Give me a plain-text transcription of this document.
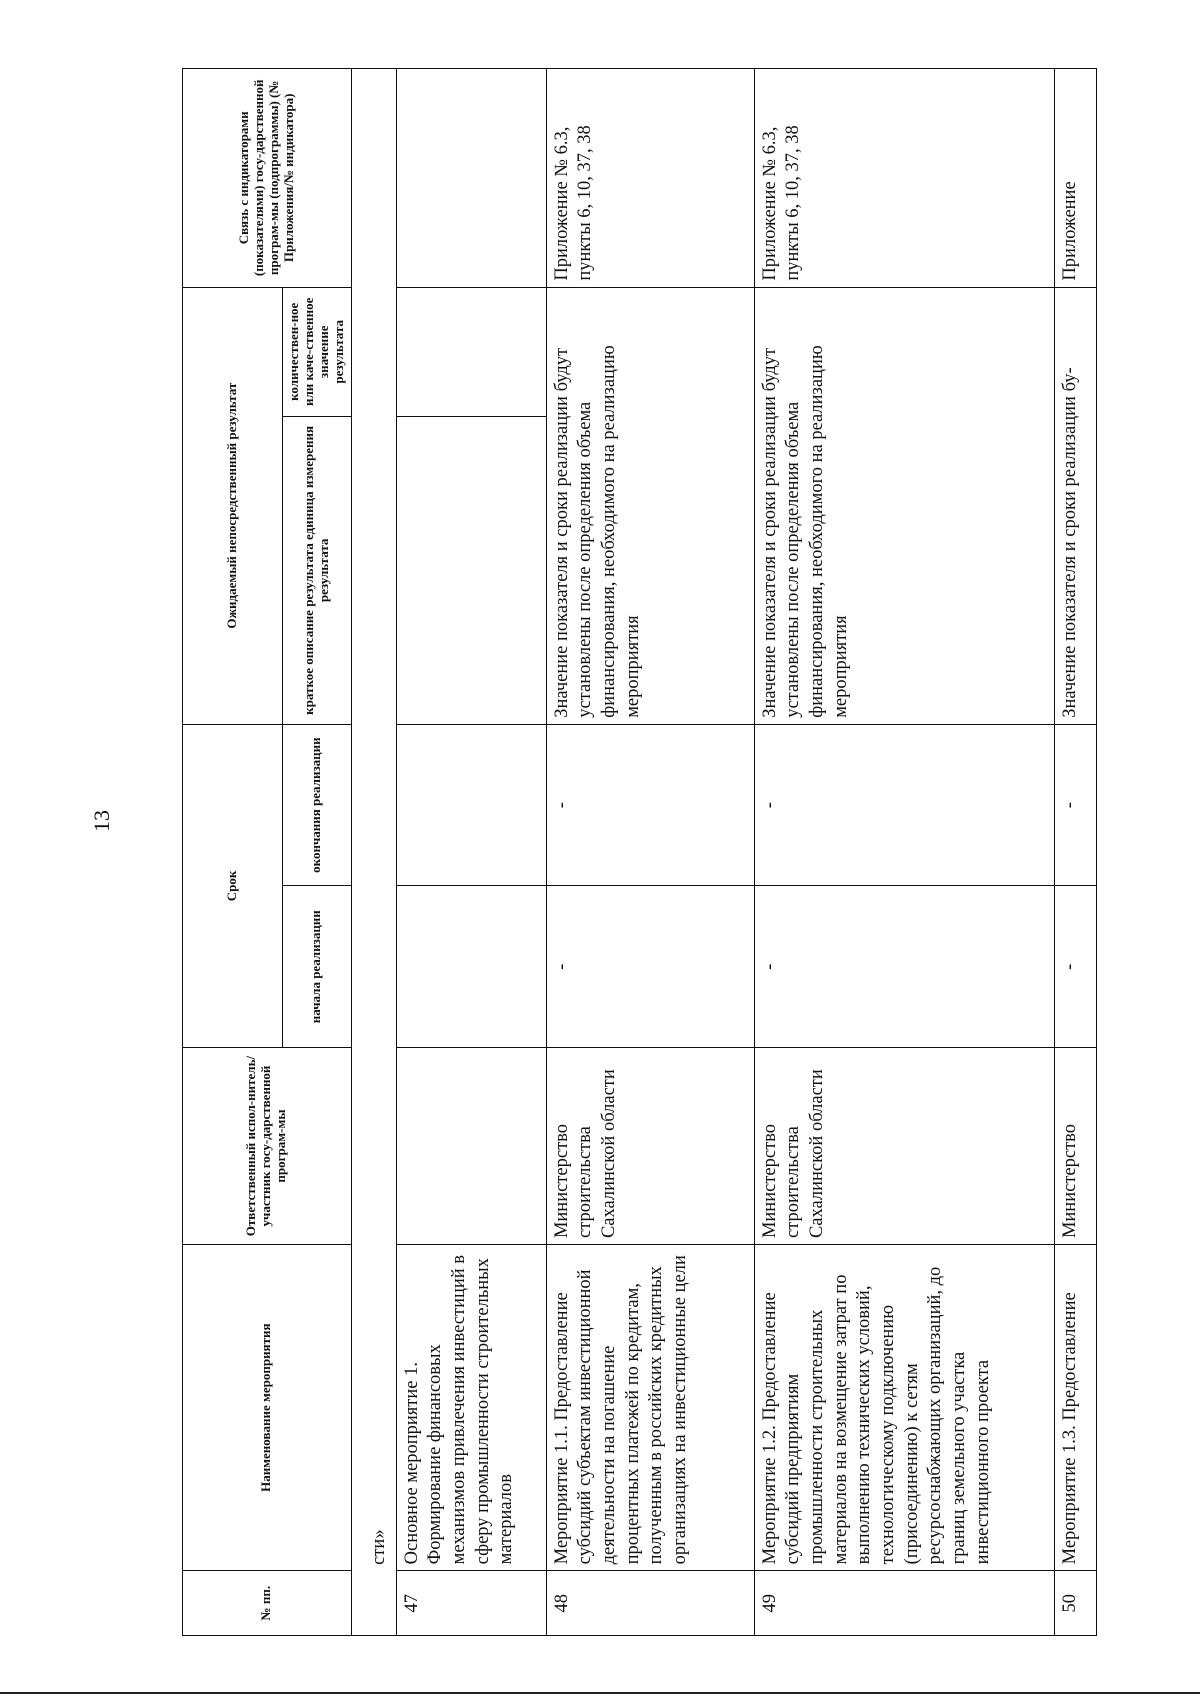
13
№ пп.	Наименование мероприятия	Ответственный испол-нитель/участник госу-дарственной програм-мы	Срок		Ожидаемый непосредственный результат		Связь с индикаторами (показателями) госу-дарственной програм-мы (подпрограммы) (№ Приложения/№ индикатора)
			начала реализации	окончания реализации	краткое описание результата единица измерения результата	количествен-ное или каче-ственное значение результата	
	сти»						
47	Основное мероприятие 1. Формирование финансовых механизмов привлечения инвестиций в сферу промышленности строительных материалов						
48	Мероприятие 1.1. Предоставление субсидий субъектам инвестиционной деятельности на погашение процентных платежей по кредитам, полученным в российских кредитных организациях на инвестиционные цели	Министерство строительства Сахалинской области	-	-	Значение показателя и сроки реализации будут установлены после определения объема финансирования, необходимого на реализацию мероприятия		Приложение № 6.3, пункты 6, 10, 37, 38
49	Мероприятие 1.2. Предоставление субсидий предприятиям промышленности строительных материалов на возмещение затрат по выполнению технических условий, технологическому подключению (присоединению) к сетям ресурсоснабжающих организаций, до границ земельного участка инвестиционного проекта	Министерство строительства Сахалинской области	-	-	Значение показателя и сроки реализации будут установлены после определения объема финансирования, необходимого на реализацию мероприятия		Приложение № 6.3, пункты 6, 10, 37, 38
50	Мероприятие 1.3. Предоставление	Министерство	-	-	Значение показателя и сроки реализации бу-		Приложение
